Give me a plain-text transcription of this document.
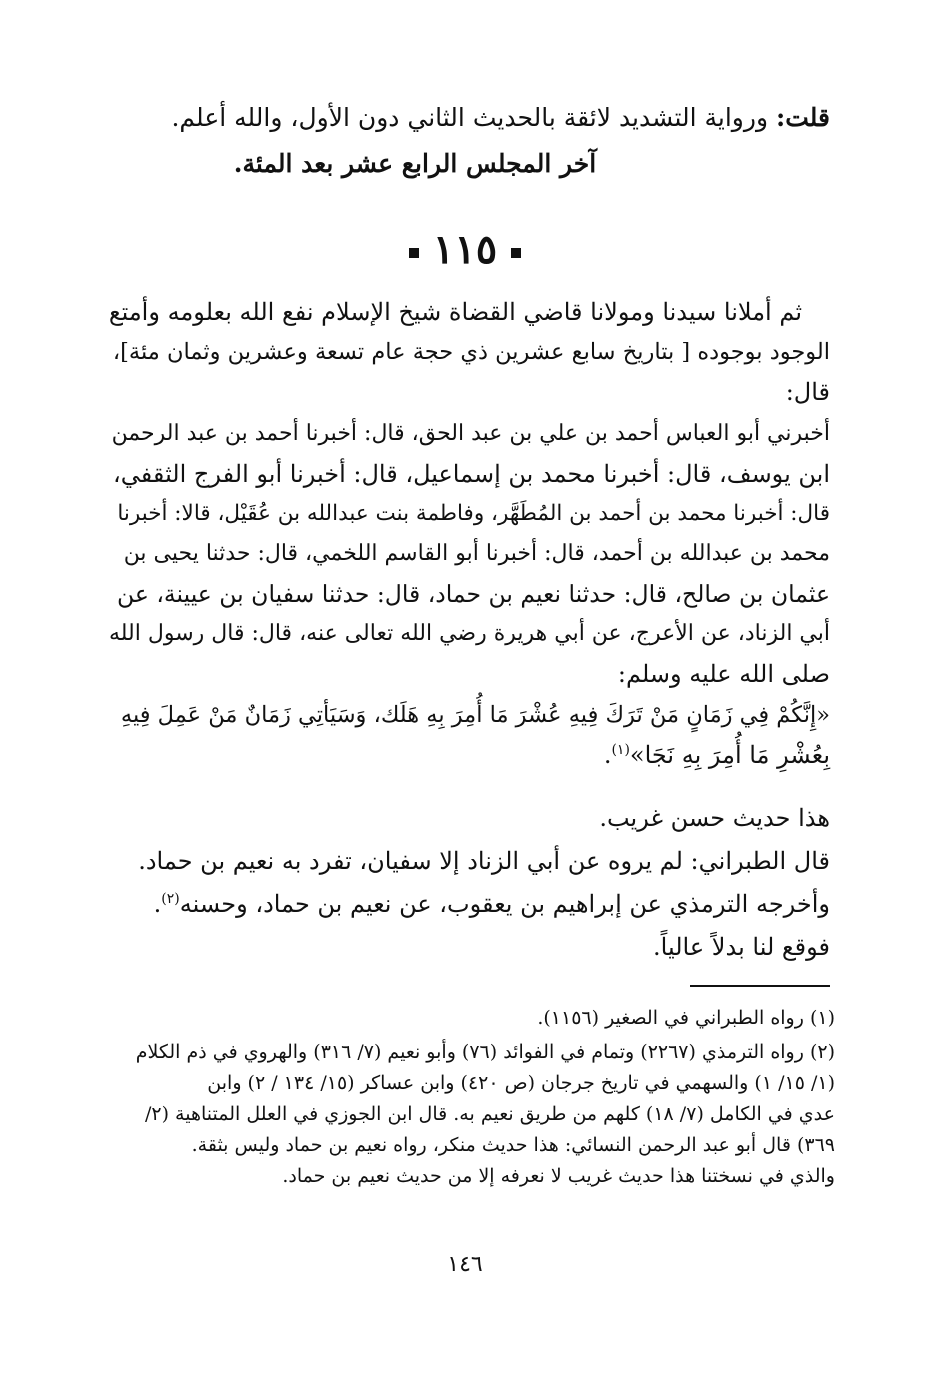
قلت: ورواية التشديد لائقة بالحديث الثاني دون الأول، والله أعلم.
آخر المجلس الرابع عشر بعد المئة.
١١٥
ثم أملانا سيدنا ومولانا قاضي القضاة شيخ الإسلام نفع الله بعلومه وأمتع
الوجود بوجوده [ بتاريخ سابع عشرين ذي حجة عام تسعة وعشرين وثمان مئة]،
قال:
أخبرني أبو العباس أحمد بن علي بن عبد الحق، قال: أخبرنا أحمد بن عبد الرحمن
ابن يوسف، قال: أخبرنا محمد بن إسماعيل، قال: أخبرنا أبو الفرج الثقفي،
قال: أخبرنا محمد بن أحمد بن المُطَهَّر، وفاطمة بنت عبدالله بن عُقَيْل، قالا: أخبرنا
محمد بن عبدالله بن أحمد، قال: أخبرنا أبو القاسم اللخمي، قال: حدثنا يحيى بن
عثمان بن صالح، قال: حدثنا نعيم بن حماد، قال: حدثنا سفيان بن عيينة، عن
أبي الزناد، عن الأعرج، عن أبي هريرة رضي الله تعالى عنه، قال: قال رسول الله
صلى الله عليه وسلم:
«إِنَّكُمْ فِي زَمَانٍ مَنْ تَرَكَ فِيهِ عُشْرَ مَا أُمِرَ بِهِ هَلَك، وَسَيَأتِي زَمَانٌ مَنْ عَمِلَ فِيهِ
بِعُشْرِ مَا أُمِرَ بِهِ نَجَا»$^{(١)}$.
هذا حديث حسن غريب.
قال الطبراني: لم يروه عن أبي الزناد إلا سفيان، تفرد به نعيم بن حماد.
وأخرجه الترمذي عن إبراهيم بن يعقوب، عن نعيم بن حماد، وحسنه$^{(٢)}$.
فوقع لنا بدلاً عالياً.
(١) رواه الطبراني في الصغير (١١٥٦).
(٢) رواه الترمذي (٢٢٦٧) وتمام في الفوائد (٧٦) وأبو نعيم (٧/ ٣١٦) والهروي في ذم الكلام
(١/ ١٥/ ١) والسهمي في تاريخ جرجان (ص ٤٢٠) وابن عساكر (١٥/ ١٣٤ / ٢) وابن
عدي في الكامل (٧/ ١٨) كلهم من طريق نعيم به. قال ابن الجوزي في العلل المتناهية (٢/
٣٦٩) قال أبو عبد الرحمن النسائي: هذا حديث منكر، رواه نعيم بن حماد وليس بثقة.
والذي في نسختنا هذا حديث غريب لا نعرفه إلا من حديث نعيم بن حماد.
١٤٦
